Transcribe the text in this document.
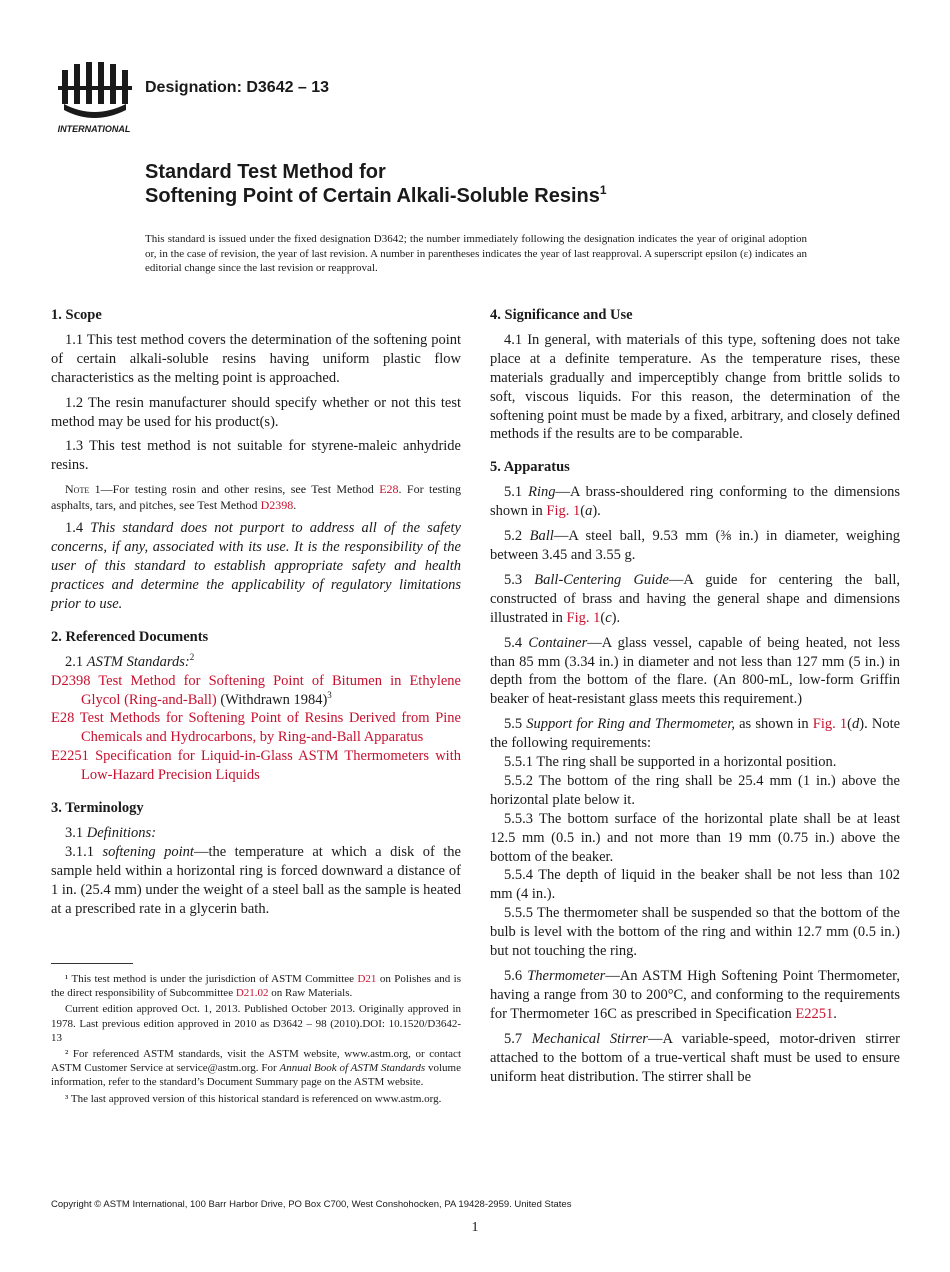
INTERNATIONAL
Designation: D3642 – 13
Standard Test Method for
Softening Point of Certain Alkali-Soluble Resins$^1$
This standard is issued under the fixed designation D3642; the number immediately following the designation indicates the year of original adoption or, in the case of revision, the year of last revision. A number in parentheses indicates the year of last reapproval. A superscript epsilon (ε) indicates an editorial change since the last revision or reapproval.
1. Scope

1.1 This test method covers the determination of the softening point of certain alkali-soluble resins having uniform plastic flow characteristics as the melting point is approached.

1.2 The resin manufacturer should specify whether or not this test method may be used for his product(s).

1.3 This test method is not suitable for styrene-maleic anhydride resins.

Note 1—For testing rosin and other resins, see Test Method E28. For testing asphalts, tars, and pitches, see Test Method D2398.

1.4 This standard does not purport to address all of the safety concerns, if any, associated with its use. It is the responsibility of the user of this standard to establish appropriate safety and health practices and determine the applicability of regulatory limitations prior to use.

2. Referenced Documents

2.1 ASTM Standards:$^2$

D2398 Test Method for Softening Point of Bitumen in Ethylene Glycol (Ring-and-Ball) (Withdrawn 1984)$^3$

E28 Test Methods for Softening Point of Resins Derived from Pine Chemicals and Hydrocarbons, by Ring-and-Ball Apparatus

E2251 Specification for Liquid-in-Glass ASTM Thermometers with Low-Hazard Precision Liquids

3. Terminology

3.1 Definitions:

3.1.1 softening point—the temperature at which a disk of the sample held within a horizontal ring is forced downward a distance of 1 in. (25.4 mm) under the weight of a steel ball as the sample is heated at a prescribed rate in a glycerin bath.

¹ This test method is under the jurisdiction of ASTM Committee D21 on Polishes and is the direct responsibility of Subcommittee D21.02 on Raw Materials.

Current edition approved Oct. 1, 2013. Published October 2013. Originally approved in 1978. Last previous edition approved in 2010 as D3642 – 98 (2010).DOI: 10.1520/D3642-13

² For referenced ASTM standards, visit the ASTM website, www.astm.org, or contact ASTM Customer Service at service@astm.org. For Annual Book of ASTM Standards volume information, refer to the standard’s Document Summary page on the ASTM website.

³ The last approved version of this historical standard is referenced on www.astm.org.

4. Significance and Use

4.1 In general, with materials of this type, softening does not take place at a definite temperature. As the temperature rises, these materials gradually and imperceptibly change from brittle solids to soft, viscous liquids. For this reason, the determination of the softening point must be made by a fixed, arbitrary, and closely defined methods if the results are to be comparable.

5. Apparatus

5.1 Ring—A brass-shouldered ring conforming to the dimensions shown in Fig. 1(a).

5.2 Ball—A steel ball, 9.53 mm (⅜ in.) in diameter, weighing between 3.45 and 3.55 g.

5.3 Ball-Centering Guide—A guide for centering the ball, constructed of brass and having the general shape and dimensions illustrated in Fig. 1(c).

5.4 Container—A glass vessel, capable of being heated, not less than 85 mm (3.34 in.) in diameter and not less than 127 mm (5 in.) in depth from the bottom of the flare. (An 800-mL, low-form Griffin beaker of heat-resistant glass meets this requirement.)

5.5 Support for Ring and Thermometer, as shown in Fig. 1(d). Note the following requirements:

5.5.1 The ring shall be supported in a horizontal position.

5.5.2 The bottom of the ring shall be 25.4 mm (1 in.) above the horizontal plate below it.

5.5.3 The bottom surface of the horizontal plate shall be at least 12.5 mm (0.5 in.) and not more than 19 mm (0.75 in.) above the bottom of the beaker.

5.5.4 The depth of liquid in the beaker shall be not less than 102 mm (4 in.).

5.5.5 The thermometer shall be suspended so that the bottom of the bulb is level with the bottom of the ring and within 12.7 mm (0.5 in.) but not touching the ring.

5.6 Thermometer—An ASTM High Softening Point Thermometer, having a range from 30 to 200°C, and conforming to the requirements for Thermometer 16C as prescribed in Specification E2251.

5.7 Mechanical Stirrer—A variable-speed, motor-driven stirrer attached to the bottom of a true-vertical shaft must be used to ensure uniform heat distribution. The stirrer shall be

Copyright © ASTM International, 100 Barr Harbor Drive, PO Box C700, West Conshohocken, PA 19428-2959. United States
1
